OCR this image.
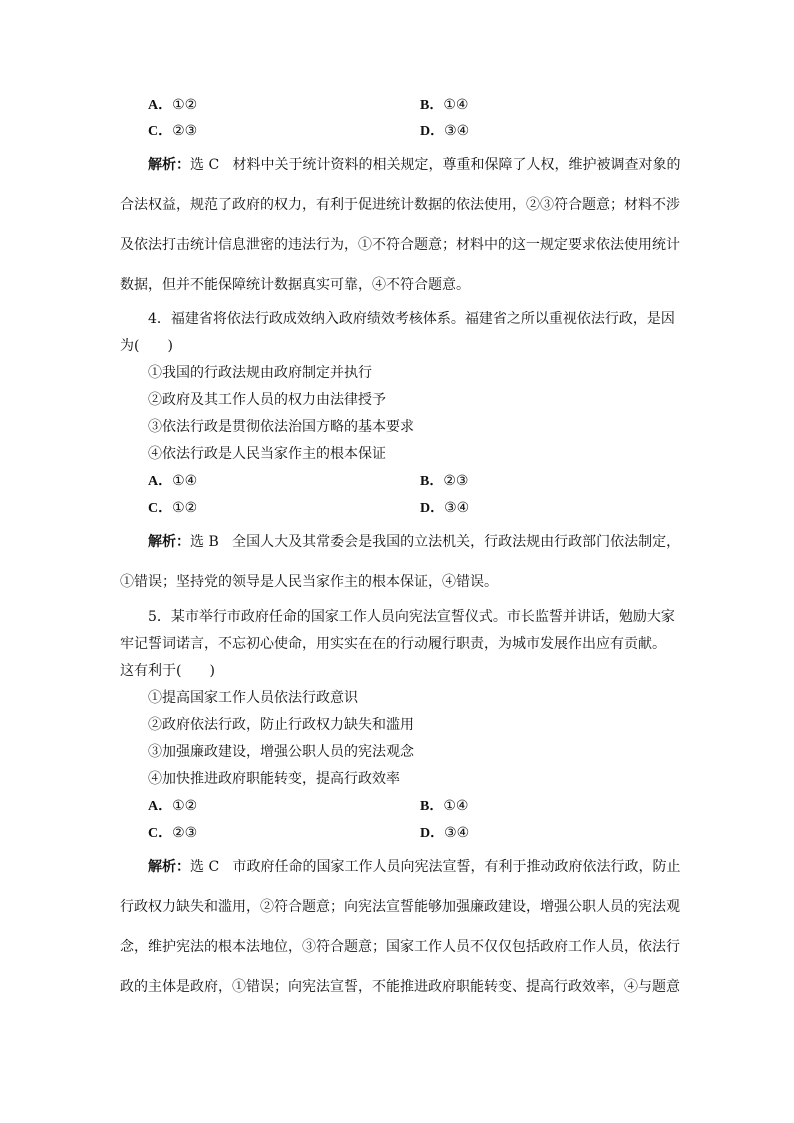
A．①②	B．①④
C．②③	D．③④
解析：选 C 材料中关于统计资料的相关规定，尊重和保障了人权，维护被调查对象的
合法权益，规范了政府的权力，有利于促进统计数据的依法使用，②③符合题意；材料不涉
及依法打击统计信息泄密的违法行为，①不符合题意；材料中的这一规定要求依法使用统计
数据，但并不能保障统计数据真实可靠，④不符合题意。
4．福建省将依法行政成效纳入政府绩效考核体系。福建省之所以重视依法行政，是因
为(　　)
①我国的行政法规由政府制定并执行
②政府及其工作人员的权力由法律授予
③依法行政是贯彻依法治国方略的基本要求
④依法行政是人民当家作主的根本保证
A．①④	B．②③
C．①②	D．③④
解析：选 B 全国人大及其常委会是我国的立法机关，行政法规由行政部门依法制定，
①错误；坚持党的领导是人民当家作主的根本保证，④错误。
5．某市举行市政府任命的国家工作人员向宪法宣誓仪式。市长监誓并讲话，勉励大家
牢记誓词诺言，不忘初心使命，用实实在在的行动履行职责，为城市发展作出应有贡献。
这有利于(　　)
①提高国家工作人员依法行政意识
②政府依法行政，防止行政权力缺失和滥用
③加强廉政建设，增强公职人员的宪法观念
④加快推进政府职能转变，提高行政效率
A．①②	B．①④
C．②③	D．③④
解析：选 C 市政府任命的国家工作人员向宪法宣誓，有利于推动政府依法行政，防止
行政权力缺失和滥用，②符合题意；向宪法宣誓能够加强廉政建设，增强公职人员的宪法观
念，维护宪法的根本法地位，③符合题意；国家工作人员不仅仅包括政府工作人员，依法行
政的主体是政府，①错误；向宪法宣誓，不能推进政府职能转变、提高行政效率，④与题意
